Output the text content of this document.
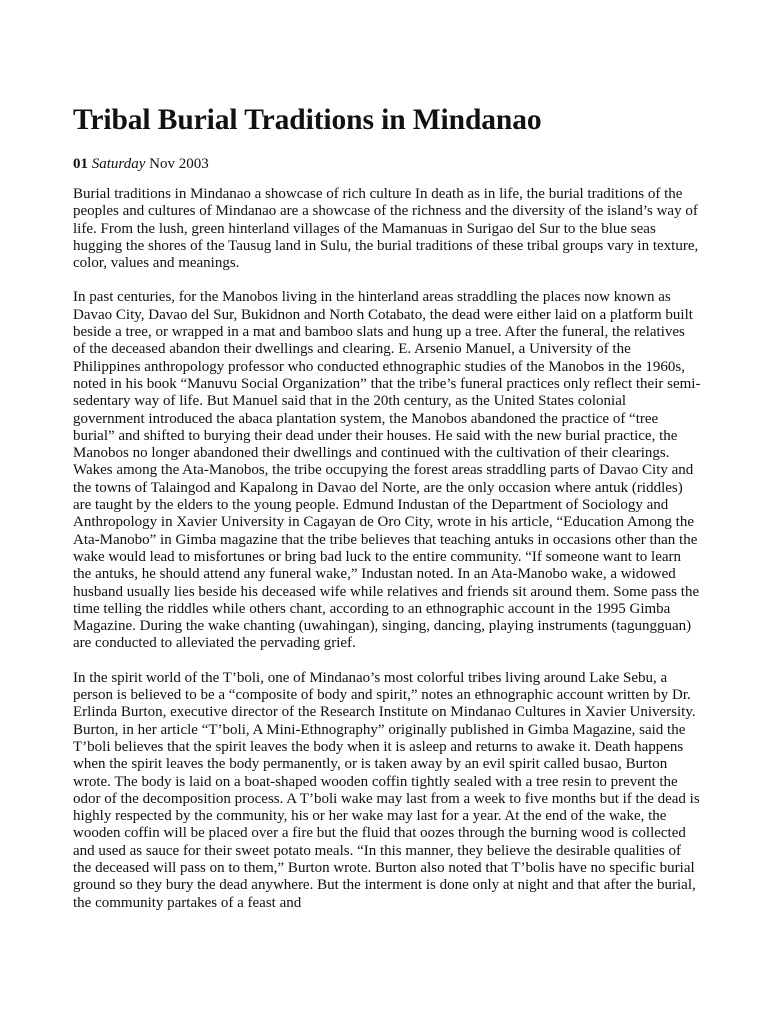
Tribal Burial Traditions in Mindanao
01 Saturday Nov 2003

Burial traditions in Mindanao a showcase of rich culture In death as in life, the burial traditions of the peoples and cultures of Mindanao are a showcase of the richness and the diversity of the island’s way of life. From the lush, green hinterland villages of the Mamanuas in Surigao del Sur to the blue seas hugging the shores of the Tausug land in Sulu, the burial traditions of these tribal groups vary in texture, color, values and meanings.

In past centuries, for the Manobos living in the hinterland areas straddling the places now known as Davao City, Davao del Sur, Bukidnon and North Cotabato, the dead were either laid on a platform built beside a tree, or wrapped in a mat and bamboo slats and hung up a tree. After the funeral, the relatives of the deceased abandon their dwellings and clearing. E. Arsenio Manuel, a University of the Philippines anthropology professor who conducted ethnographic studies of the Manobos in the 1960s, noted in his book “Manuvu Social Organization” that the tribe’s funeral practices only reflect their semi-sedentary way of life. But Manuel said that in the 20th century, as the United States colonial government introduced the abaca plantation system, the Manobos abandoned the practice of “tree burial” and shifted to burying their dead under their houses. He said with the new burial practice, the Manobos no longer abandoned their dwellings and continued with the cultivation of their clearings. Wakes among the Ata-Manobos, the tribe occupying the forest areas straddling parts of Davao City and the towns of Talaingod and Kapalong in Davao del Norte, are the only occasion where antuk (riddles) are taught by the elders to the young people. Edmund Industan of the Department of Sociology and Anthropology in Xavier University in Cagayan de Oro City, wrote in his article, “Education Among the Ata-Manobo” in Gimba magazine that the tribe believes that teaching antuks in occasions other than the wake would lead to misfortunes or bring bad luck to the entire community. “If someone want to learn the antuks, he should attend any funeral wake,” Industan noted. In an Ata-Manobo wake, a widowed husband usually lies beside his deceased wife while relatives and friends sit around them. Some pass the time telling the riddles while others chant, according to an ethnographic account in the 1995 Gimba Magazine. During the wake chanting (uwahingan), singing, dancing, playing instruments (tagungguan) are conducted to alleviated the pervading grief.

In the spirit world of the T’boli, one of Mindanao’s most colorful tribes living around Lake Sebu, a person is believed to be a “composite of body and spirit,” notes an ethnographic account written by Dr. Erlinda Burton, executive director of the Research Institute on Mindanao Cultures in Xavier University. Burton, in her article “T’boli, A Mini-Ethnography” originally published in Gimba Magazine, said the T’boli believes that the spirit leaves the body when it is asleep and returns to awake it. Death happens when the spirit leaves the body permanently, or is taken away by an evil spirit called busao, Burton wrote. The body is laid on a boat-shaped wooden coffin tightly sealed with a tree resin to prevent the odor of the decomposition process. A T’boli wake may last from a week to five months but if the dead is highly respected by the community, his or her wake may last for a year. At the end of the wake, the wooden coffin will be placed over a fire but the fluid that oozes through the burning wood is collected and used as sauce for their sweet potato meals. “In this manner, they believe the desirable qualities of the deceased will pass on to them,” Burton wrote. Burton also noted that T’bolis have no specific burial ground so they bury the dead anywhere. But the interment is done only at night and that after the burial, the community partakes of a feast and
